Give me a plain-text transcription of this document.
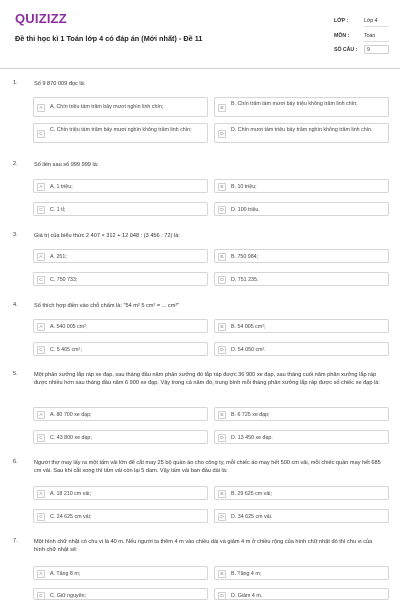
QUIZIZZ
Đề thi học kì 1 Toán lớp 4 có đáp án (Mới nhất) - Đề 11
LỚP :	Lớp 4
MÔN :	Toán
SỐ CÂU :	9
1.	Số 9 870 009 đọc là:
A	A. Chín triệu tám trăm bảy mươi nghìn linh chín;	B
B. Chín trăm tám mươi bảy triệu không trăm linh chín;
C
C. Chín triệu tám trăm bảy mươi nghìn không trăm linh chín;
D
D. Chín mươi tám triệu bảy trăm nghìn không trăm linh chín.
2.	Số liền sau số 999 999 là:
A	A. 1 triệu;	B	B. 10 triệu;
C	C. 1 tỉ;	D	D. 100 triệu.
3.	Giá trị của biểu thức 2 407 × 312 + 12 048 : (3 456 : 72) là:
A	A. 251;	B	B. 750 984;
C	C. 750 733;	D	D. 751 235.
4.	Số thích hợp điền vào chỗ chấm là: "54 m² 5 cm² = ... cm²"
A	A. 540 005 cm²;	B	B. 54 005 cm²;
C	C. 5 405 cm²;	D	D. 54 050 cm².
5.	Một phân xưởng lắp ráp xe đạp, sau tháng đầu năm phân xưởng đó lắp ráp được 36 900 xe đạp, sau tháng cuối năm phân xưởng lắp ráp được nhiều hơn sau tháng đầu năm 6 900 xe đạp. Vậy trong cả năm đó, trung bình mỗi tháng phân xưởng lắp ráp được số chiếc xe đạp là:
A	A. 80 700 xe đạp;	B	B. 6 725 xe đạp;
C	C. 43 800 xe đạp;	D	D. 13 450 xe đạp.
6.	Người thợ may lấy ra một tấm vải lớn để cắt may 25 bộ quần áo cho công ty, mỗi chiếc áo may hết 500 cm vải, mỗi chiếc quần may hết 685 cm vải. Sau khi cắt xong thì tấm vải còn lại 5 dam. Vậy tấm vải ban đầu dài là:
A	A. 18 210 cm vải;	B	B. 29 625 cm vải;
C	C. 24 625 cm vải;	D	D. 34 625 cm vải.
7.	Một hình chữ nhật có chu vi là 40 m. Nếu người ta thêm 4 m vào chiều dài và giảm 4 m ở chiều rộng của hình chữ nhật đó thì chu vi của hình chữ nhật sẽ:
A	A. Tăng 8 m;	B	B. Tăng 4 m;
C	C. Giữ nguyên;	D	D. Giảm 4 m.
